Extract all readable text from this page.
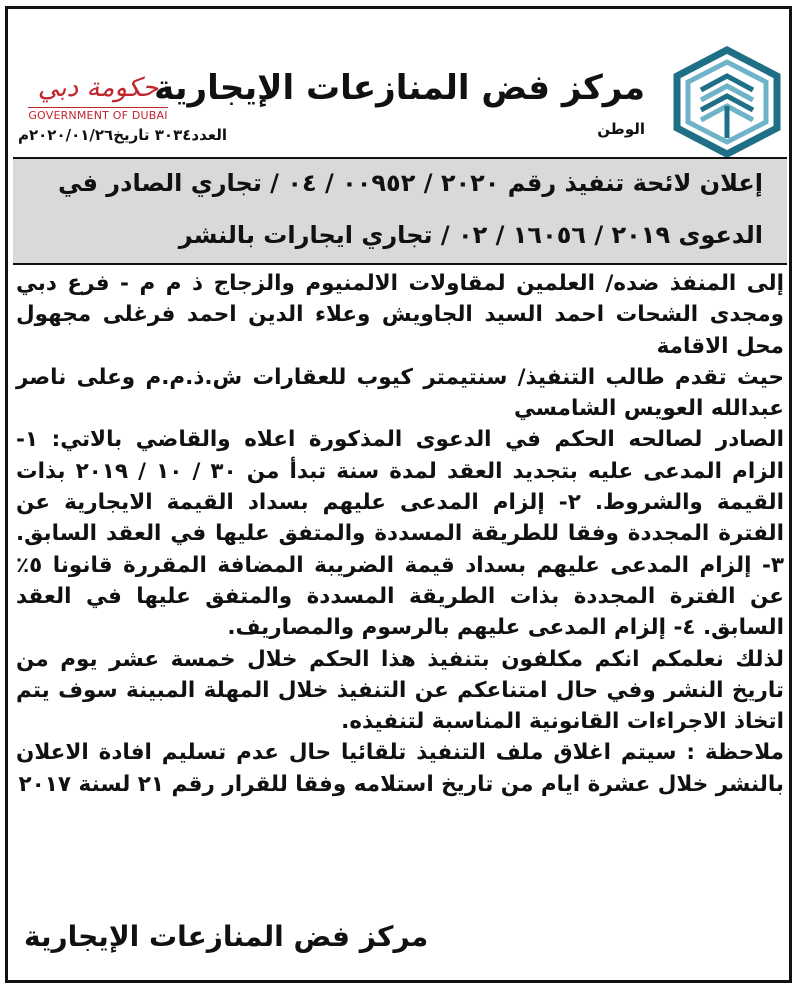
مركز فض المنازعات الإيجارية
الوطن
حكومة دبي
GOVERNMENT OF DUBAI
العدد٣٠٣٤ تاريخ٢٠٢٠/٠١/٢٦م

إعلان لائحة تنفيذ رقم ٢٠٢٠ / ٠٠٩٥٢ / ٠٤ / تجاري الصادر في

الدعوى ٢٠١٩ / ١٦٠٥٦ / ٠٢ / تجاري ايجارات بالنشر

إلى المنفذ ضده/ العلمين لمقاولات الالمنيوم والزجاج ذ م م - فرع دبي ومجدى الشحات احمد السيد الجاويش وعلاء الدين احمد فرغلى مجهول محل الاقامة

حيث تقدم طالب التنفيذ/ سنتيمتر كيوب للعقارات ش.ذ.م.م وعلى ناصر عبدالله العويس الشامسي

الصادر لصالحه الحكم في الدعوى المذكورة اعلاه والقاضي بالاتي: ١- الزام المدعى عليه بتجديد العقد لمدة سنة تبدأ من ٣٠ / ١٠ / ٢٠١٩ بذات القيمة والشروط. ٢- إلزام المدعى عليهم بسداد القيمة الايجارية عن الفترة المجددة وفقا للطريقة المسددة والمتفق عليها في العقد السابق. ٣- إلزام المدعى عليهم بسداد قيمة الضريبة المضافة المقررة قانونا ٥٪ عن الفترة المجددة بذات الطريقة المسددة والمتفق عليها في العقد السابق. ٤- إلزام المدعى عليهم بالرسوم والمصاريف.

لذلك نعلمكم انكم مكلفون بتنفيذ هذا الحكم خلال خمسة عشر يوم من تاريخ النشر وفي حال امتناعكم عن التنفيذ خلال المهلة المبينة سوف يتم اتخاذ الاجراءات القانونية المناسبة لتنفيذه.

ملاحظة : سيتم اغلاق ملف التنفيذ تلقائيا حال عدم تسليم افادة الاعلان بالنشر خلال عشرة ايام من تاريخ استلامه وفقا للقرار رقم ٢١ لسنة ٢٠١٧

مركز فض المنازعات الإيجارية
